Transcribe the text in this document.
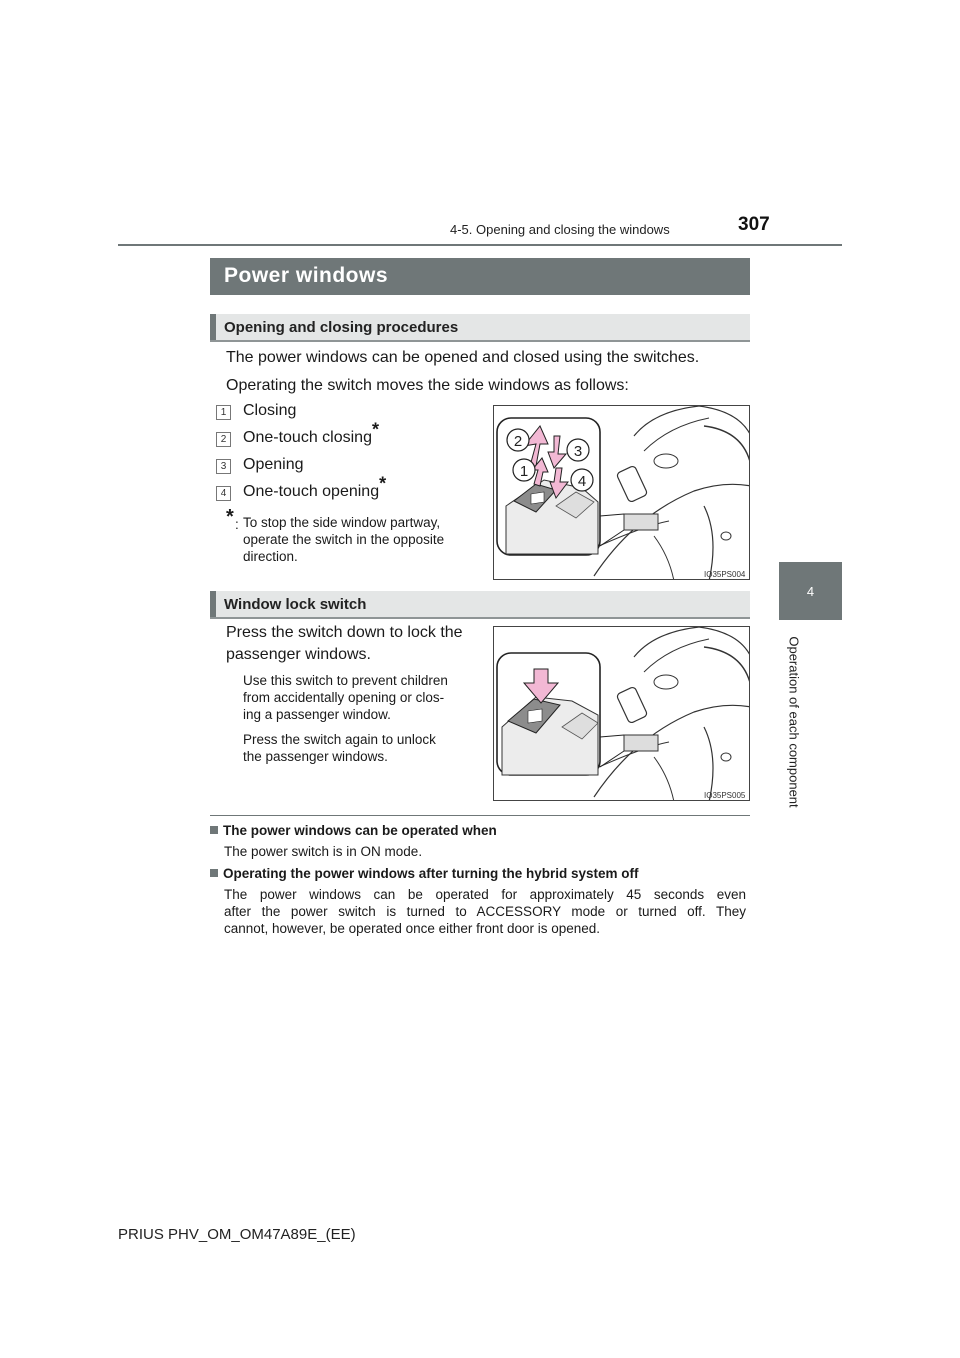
4-5. Opening and closing the windows	307
4
Operation of each component
Power windows
Opening and closing procedures
The power windows can be opened and closed using the switches.
Operating the switch moves the side windows as follows:
1 Closing
2 One-touch closing*
3 Opening
4 One-touch opening*
* : To stop the side window partway,
operate the switch in the opposite
direction.
2
3
1
4
IO35PS004
Window lock switch
Press the switch down to lock the
passenger windows.
Use this switch to prevent children
from accidentally opening or clos-
ing a passenger window.
Press the switch again to unlock
the passenger windows.
IO35PS005
The power windows can be operated when
The power switch is in ON mode.
Operating the power windows after turning the hybrid system off
The power windows can be operated for approximately 45 seconds even
after the power switch is turned to ACCESSORY mode or turned off. They
cannot, however, be operated once either front door is opened.
PRIUS PHV_OM_OM47A89E_(EE)
